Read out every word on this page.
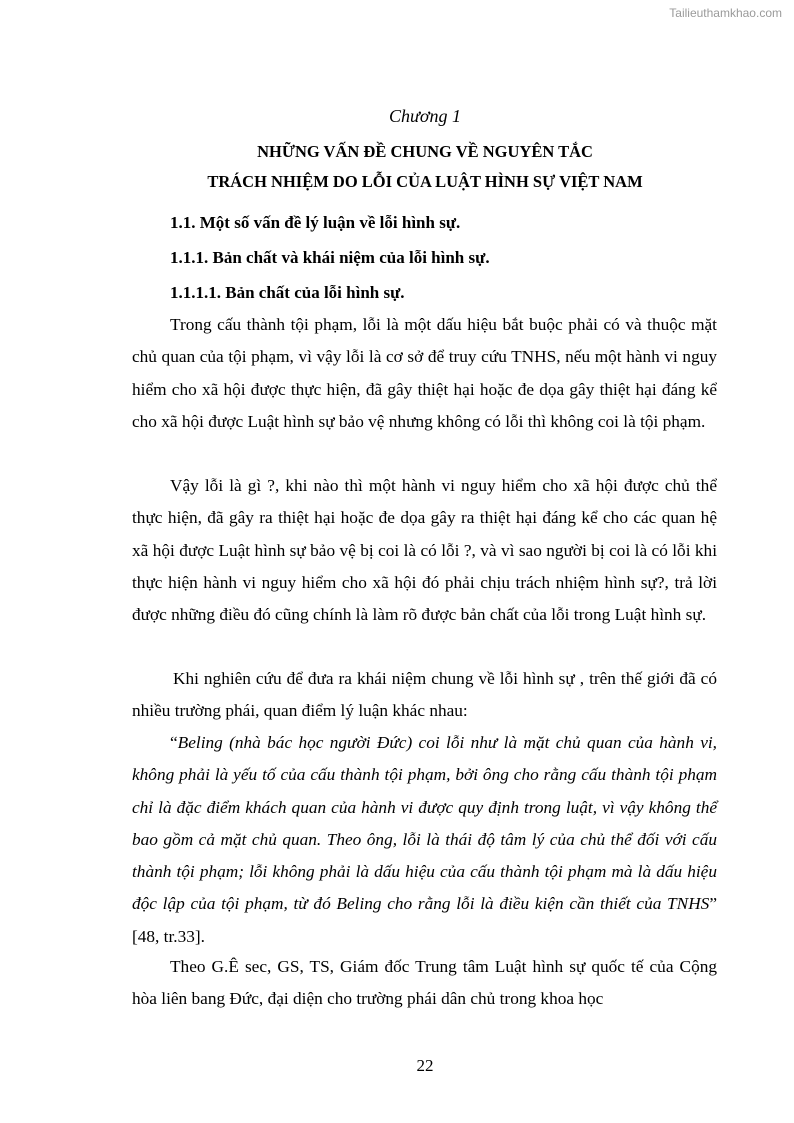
Tailieuthamkhao.com
Chương 1
NHỮNG VẤN ĐỀ CHUNG VỀ NGUYÊN TẮC
TRÁCH NHIỆM DO LỖI CỦA LUẬT HÌNH SỰ VIỆT NAM
1.1. Một số vấn đề lý luận về lỗi hình sự.
1.1.1. Bản chất và khái niệm của lỗi hình sự.
1.1.1.1. Bản chất của lỗi hình sự.

Trong cấu thành tội phạm, lỗi là một dấu hiệu bắt buộc phải có và thuộc mặt chủ quan của tội phạm, vì vậy lỗi là cơ sở để truy cứu TNHS, nếu một hành vi nguy hiểm cho xã hội được thực hiện, đã gây thiệt hại hoặc đe dọa gây thiệt hại đáng kể cho xã hội được Luật hình sự bảo vệ nhưng không có lỗi thì không coi là tội phạm.

Vậy lỗi là gì ?, khi nào thì một hành vi nguy hiểm cho xã hội được chủ thể thực hiện, đã gây ra thiệt hại hoặc đe dọa gây ra thiệt hại đáng kể cho các quan hệ xã hội được Luật hình sự bảo vệ bị coi là có lỗi ?, và vì sao người bị coi là có lỗi khi thực hiện hành vi nguy hiểm cho xã hội đó phải chịu trách nhiệm hình sự?, trả lời được những điều đó cũng chính là làm rõ được bản chất của lỗi trong Luật hình sự.

Khi nghiên cứu để đưa ra khái niệm chung về lỗi hình sự , trên thế giới đã có nhiều trường phái, quan điểm lý luận khác nhau:

“Beling (nhà bác học người Đức) coi lỗi như là mặt chủ quan của hành vi, không phải là yếu tố của cấu thành tội phạm, bởi ông cho rằng cấu thành tội phạm chỉ là đặc điểm khách quan của hành vi được quy định trong luật, vì vậy không thể bao gồm cả mặt chủ quan. Theo ông, lỗi là thái độ tâm lý của chủ thể đối với cấu thành tội phạm; lỗi không phải là dấu hiệu của cấu thành tội phạm mà là dấu hiệu độc lập của tội phạm, từ đó Beling cho rằng lỗi là điều kiện cần thiết của TNHS” [48, tr.33].

Theo G.Ê sec, GS, TS, Giám đốc Trung tâm Luật hình sự quốc tế của Cộng hòa liên bang Đức, đại diện cho trường phái dân chủ trong khoa học

22
